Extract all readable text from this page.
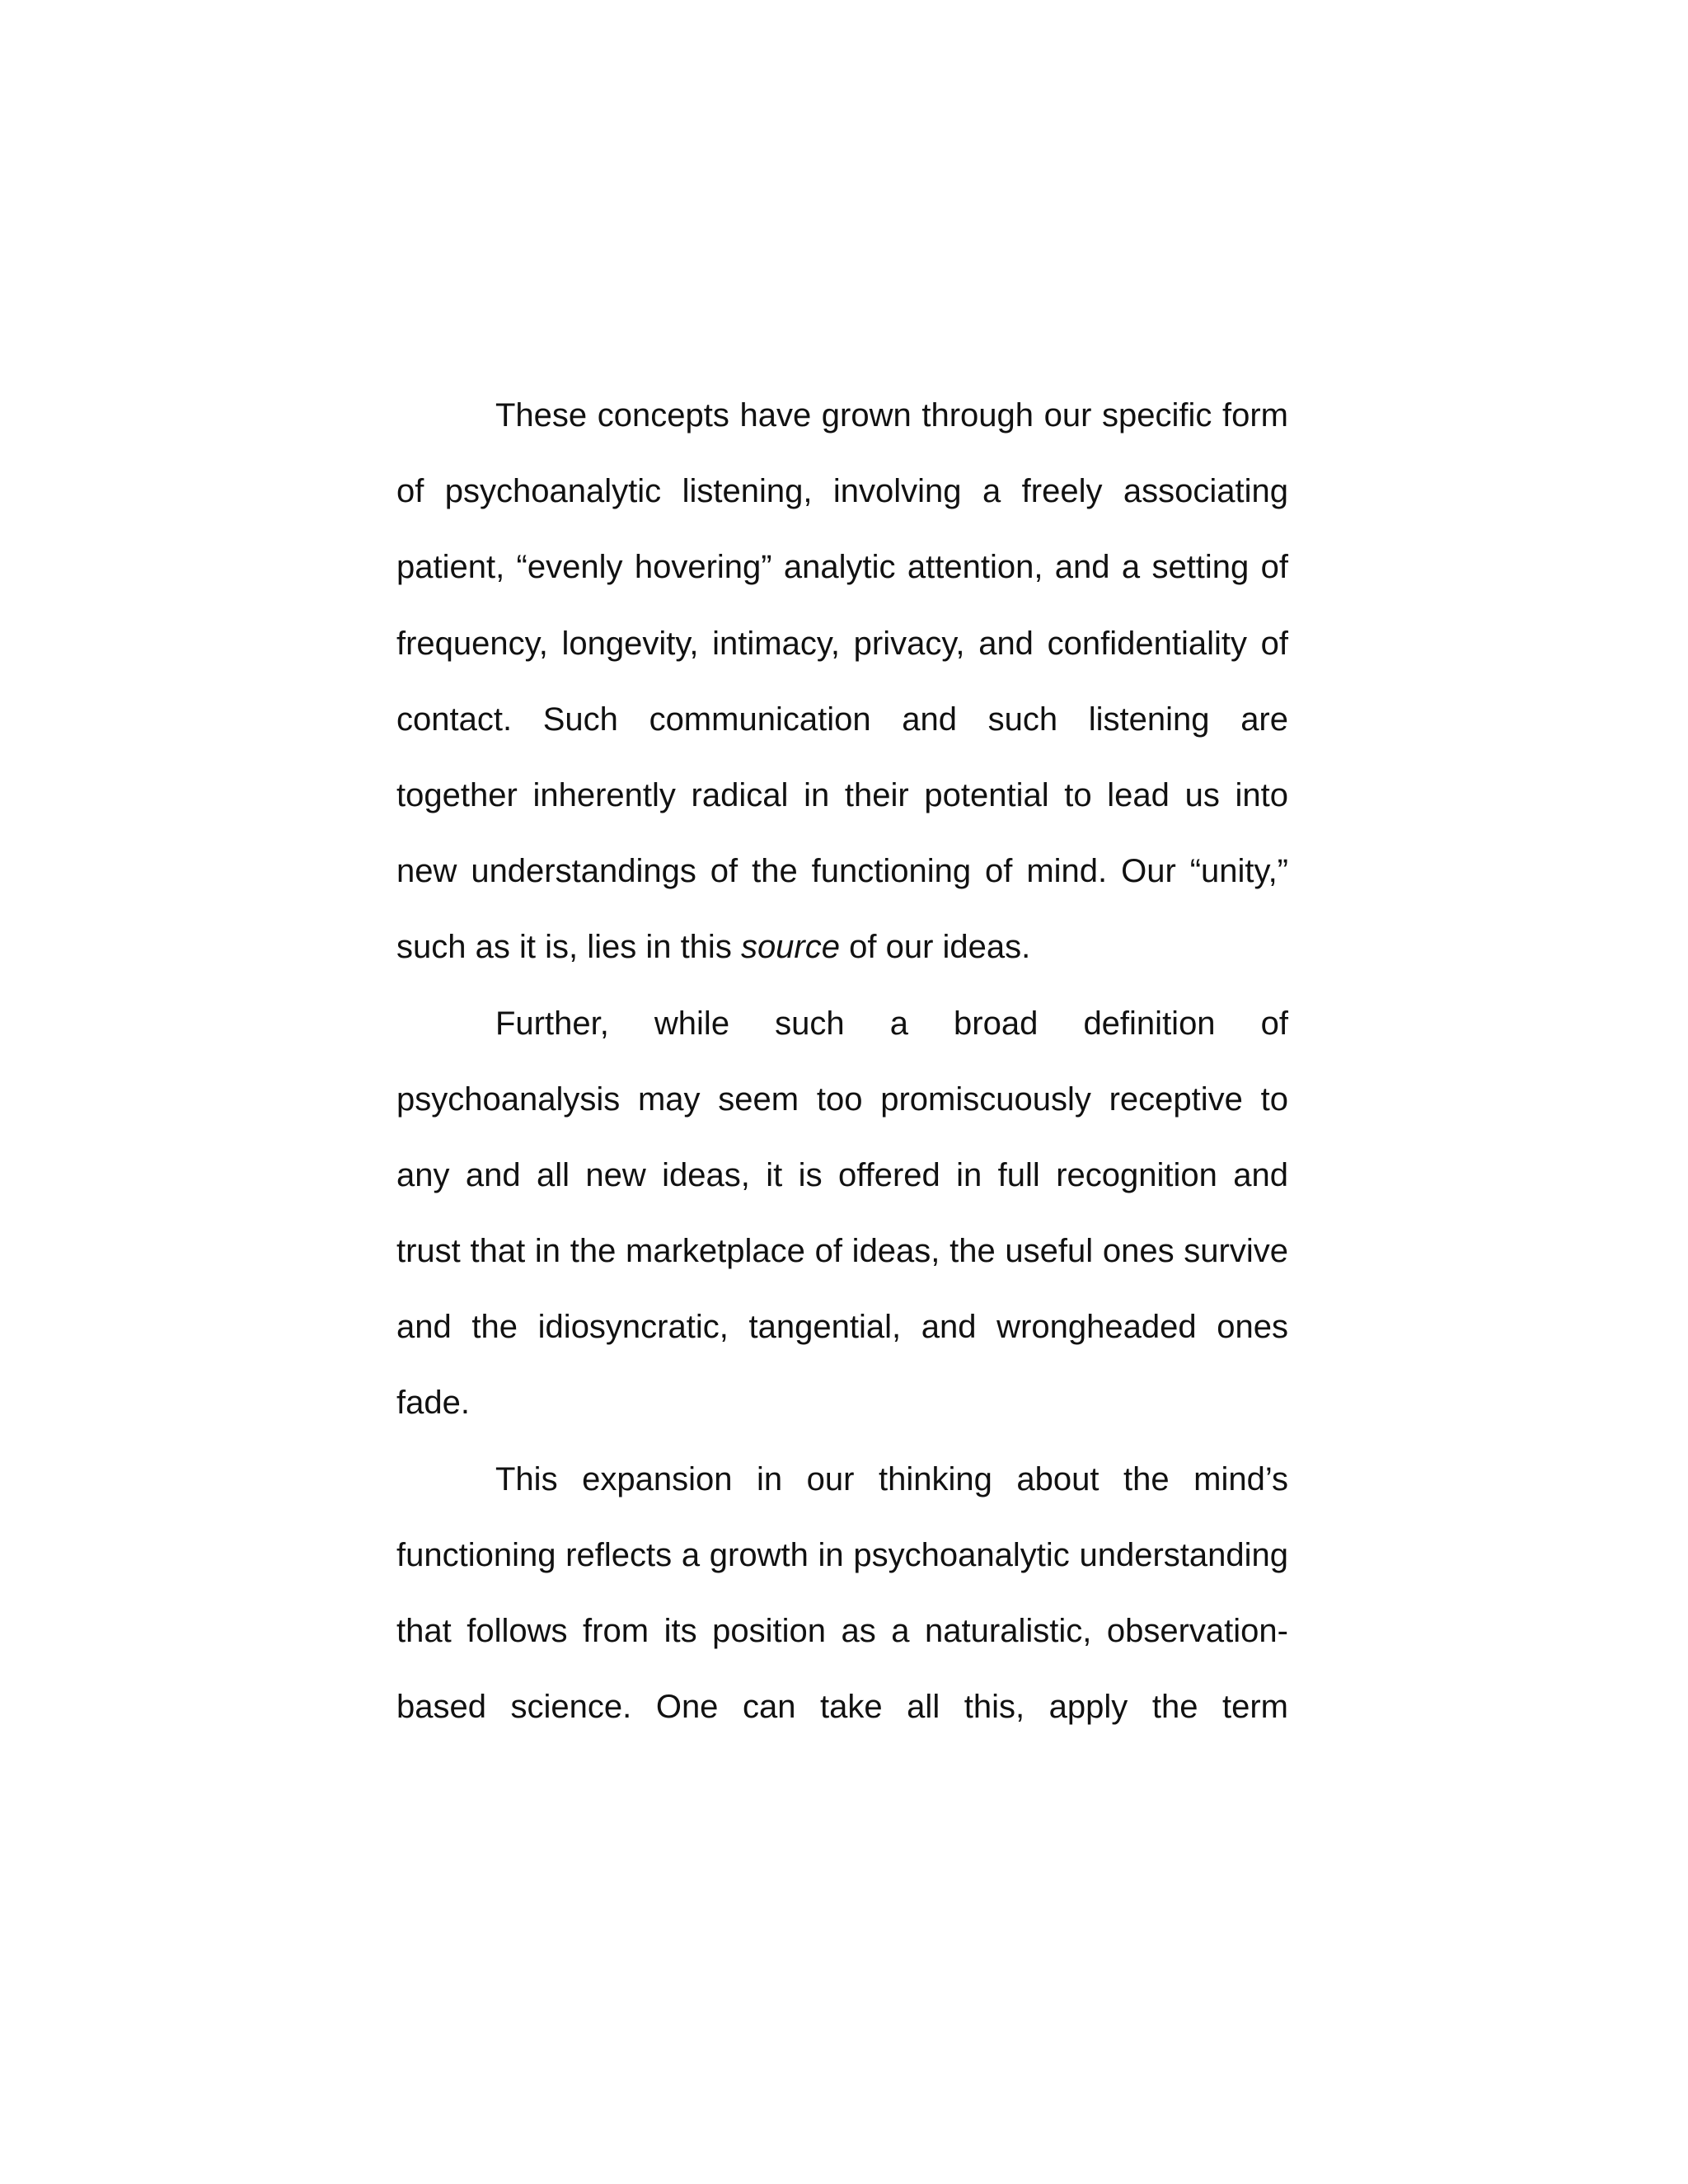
These concepts have grown through our specific form
of psychoanalytic listening, involving a freely associating
patient, “evenly hovering” analytic attention, and a setting of
frequency, longevity, intimacy, privacy, and confidentiality of
contact. Such communication and such listening are
together inherently radical in their potential to lead us into
new understandings of the functioning of mind. Our “unity,”
such as it is, lies in this source of our ideas.
Further, while such a broad definition of
psychoanalysis may seem too promiscuously receptive to
any and all new ideas, it is offered in full recognition and
trust that in the marketplace of ideas, the useful ones survive
and the idiosyncratic, tangential, and wrongheaded ones
fade.
This expansion in our thinking about the mind’s
functioning reflects a growth in psychoanalytic understanding
that follows from its position as a naturalistic, observation-
based science. One can take all this, apply the term
